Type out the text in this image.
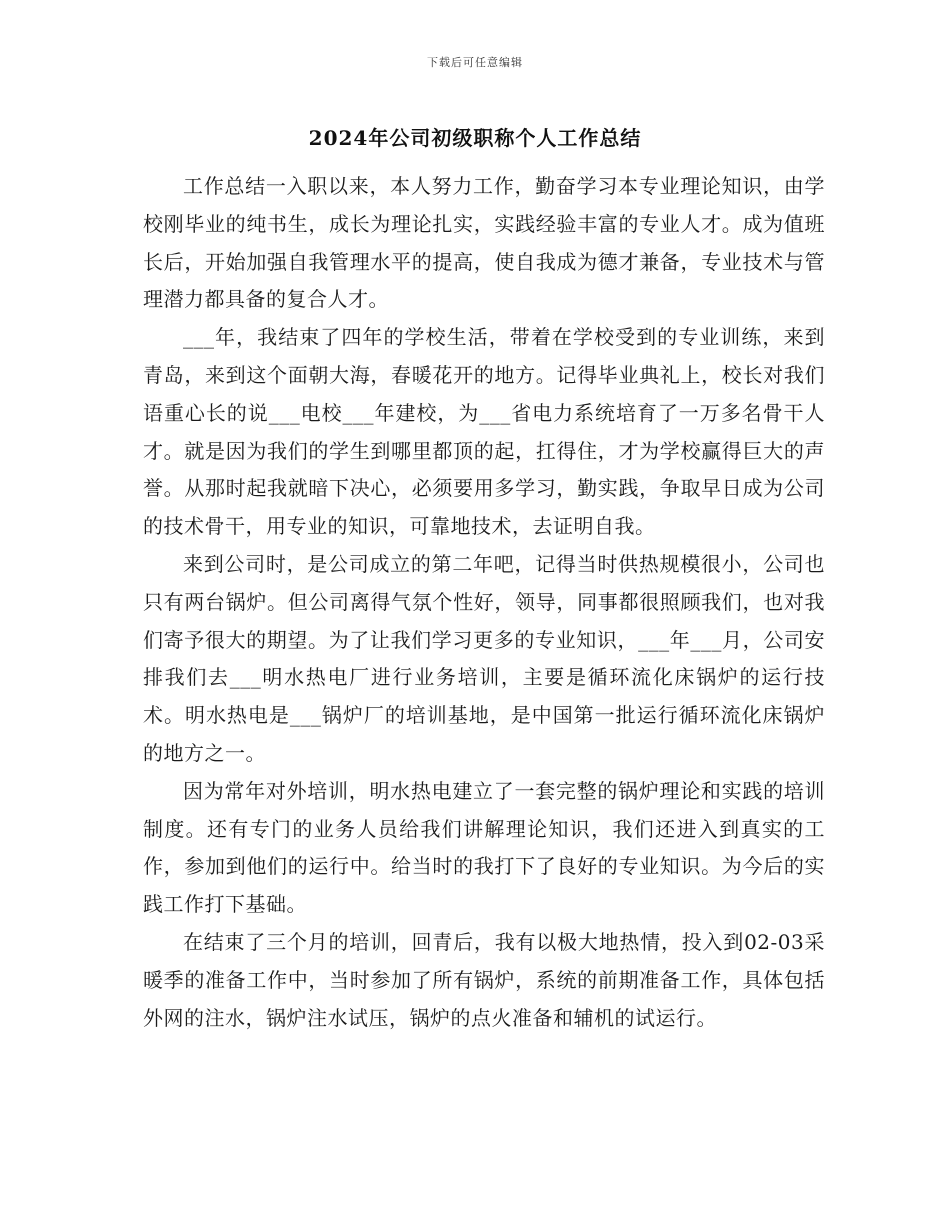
下载后可任意编辑
2024年公司初级职称个人工作总结

工作总结一入职以来，本人努力工作，勤奋学习本专业理论知识，由学校刚毕业的纯书生，成长为理论扎实，实践经验丰富的专业人才。成为值班长后，开始加强自我管理水平的提高，使自我成为德才兼备，专业技术与管理潜力都具备的复合人才。

___年，我结束了四年的学校生活，带着在学校受到的专业训练，来到青岛，来到这个面朝大海，春暖花开的地方。记得毕业典礼上，校长对我们语重心长的说___电校___年建校，为___省电力系统培育了一万多名骨干人才。就是因为我们的学生到哪里都顶的起，扛得住，才为学校赢得巨大的声誉。从那时起我就暗下决心，必须要用多学习，勤实践，争取早日成为公司的技术骨干，用专业的知识，可靠地技术，去证明自我。

来到公司时，是公司成立的第二年吧，记得当时供热规模很小，公司也只有两台锅炉。但公司离得气氛个性好，领导，同事都很照顾我们，也对我们寄予很大的期望。为了让我们学习更多的专业知识，___年___月，公司安排我们去___明水热电厂进行业务培训，主要是循环流化床锅炉的运行技术。明水热电是___锅炉厂的培训基地，是中国第一批运行循环流化床锅炉的地方之一。

因为常年对外培训，明水热电建立了一套完整的锅炉理论和实践的培训制度。还有专门的业务人员给我们讲解理论知识，我们还进入到真实的工作，参加到他们的运行中。给当时的我打下了良好的专业知识。为今后的实践工作打下基础。

在结束了三个月的培训，回青后，我有以极大地热情，投入到02-03采暖季的准备工作中，当时参加了所有锅炉，系统的前期准备工作，具体包括外网的注水，锅炉注水试压，锅炉的点火准备和辅机的试运行。
